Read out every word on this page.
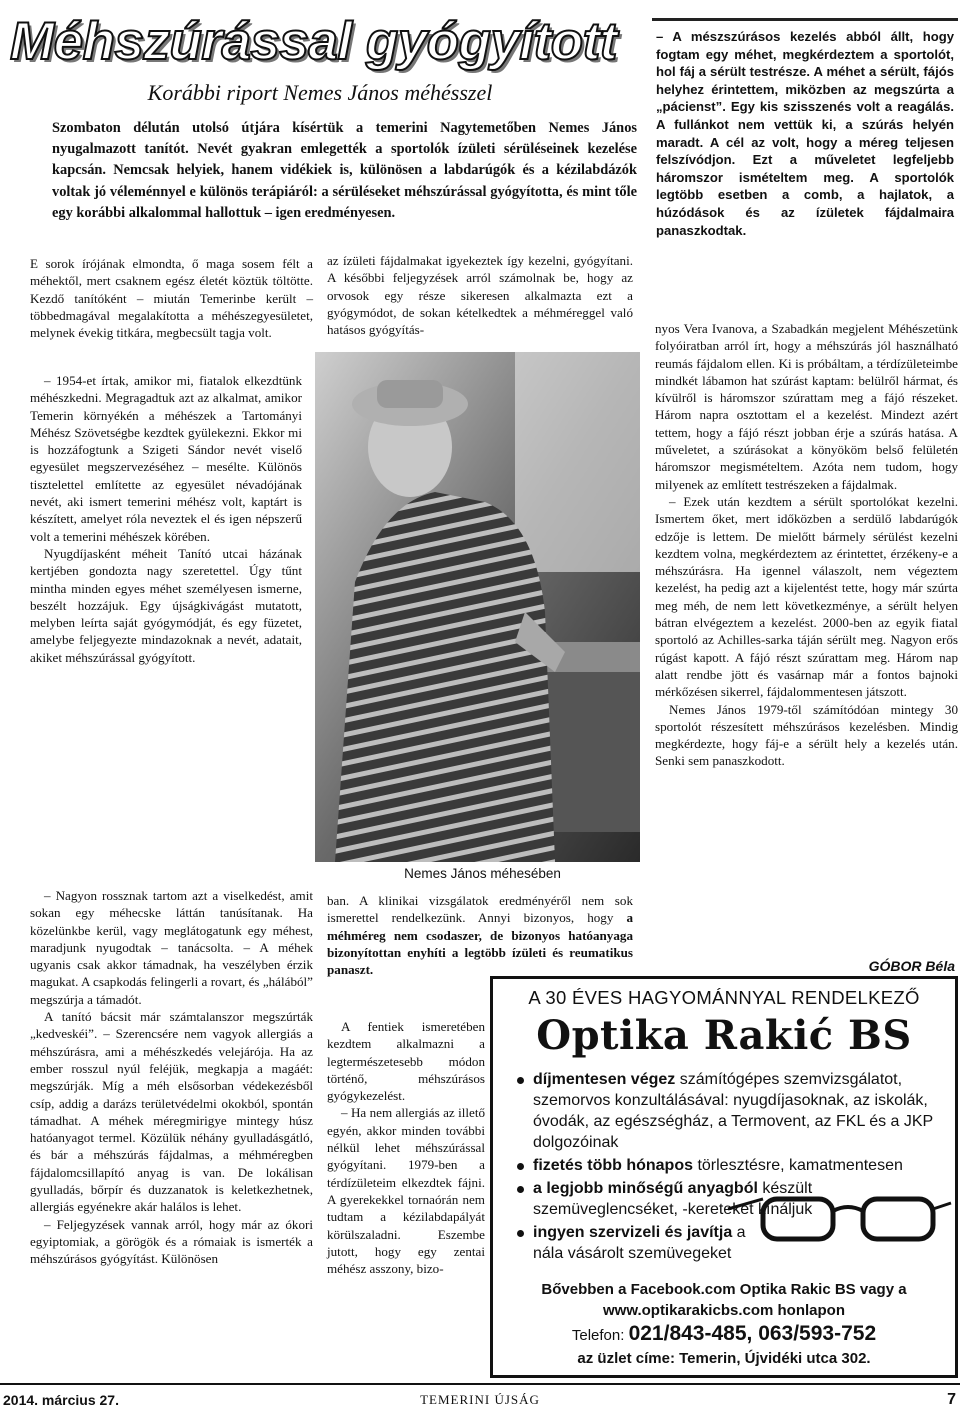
Méhszúrással gyógyított
Korábbi riport Nemes János méhésszel
Szombaton délután utolsó útjára kísértük a temerini Nagytemetőben Nemes János nyugalmazott tanítót. Nevét gyakran emlegették a sportolók ízületi sérüléseinek kezelése kapcsán. Nemcsak helyiek, hanem vidékiek is, különösen a labdarúgók és a kézilabdázók voltak jó véleménnyel e különös terápiáról: a sérüléseket méhszúrással gyógyította, és mint tőle egy korábbi alkalommal hallottuk – igen eredményesen.

E sorok írójának elmondta, ő maga sosem félt a méhektől, mert csaknem egész életét köztük töltötte. Kezdő tanítóként – miután Temerinbe került – többedmagával megalakította a méhészegyesületet, melynek évekig titkára, megbecsült tagja volt.

– 1954-et írtak, amikor mi, fiatalok elkezdtünk méhészkedni. Megragadtuk azt az alkalmat, amikor Temerin környékén a méhészek a Tartományi Méhész Szövetségbe kezdtek gyülekezni. Ekkor mi is hozzáfogtunk a Szigeti Sándor nevét viselő egyesület megszervezéséhez – mesélte. Különös tisztelettel említette az egyesület névadójának nevét, aki ismert temerini méhész volt, kaptárt is készített, amelyet róla neveztek el és igen népszerű volt a temerini méhészek körében.

Nyugdíjasként méheit Tanító utcai házának kertjében gondozta nagy szeretettel. Úgy tűnt mintha minden egyes méhet személyesen ismerne, beszélt hozzájuk. Egy újságkivágást mutatott, melyben leírta saját gyógymódját, és egy füzetet, amelybe feljegyezte mindazoknak a nevét, adatait, akiket méhszúrással gyógyított.

– Nagyon rossznak tartom azt a viselkedést, amit sokan egy méhecske láttán tanúsítanak. Ha közelünkbe kerül, vagy meglátogatunk egy méhest, maradjunk nyugodtak – tanácsolta. – A méhek ugyanis csak akkor támadnak, ha veszélyben érzik magukat. A csapkodás felingerli a rovart, és „hálából” megszúrja a támadót.

A tanító bácsit már számtalanszor megszúrták „kedveskéi”. – Szerencsére nem vagyok allergiás a méhszúrásra, ami a méhészkedés velejárója. Ha az ember rosszul nyúl feléjük, megkapja a magáét: megszúrják. Míg a méh elsősorban védekezésből csíp, addig a darázs területvédelmi okokból, spontán támadhat. A méhek méregmirigye mintegy húsz hatóanyagot termel. Közülük néhány gyulladásgátló, és bár a méhszúrás fájdalmas, a méhméregben fájdalomcsillapító anyag is van. De lokálisan gyulladás, bőrpír és duzzanatok is keletkezhetnek, allergiás egyénekre akár halálos is lehet.

– Feljegyzések vannak arról, hogy már az ókori egyiptomiak, a görögök és a rómaiak is ismerték a méhszúrásos gyógyítást. Különösen

az ízületi fájdalmakat igyekeztek így kezelni, gyógyítani. A későbbi feljegyzések arról számolnak be, hogy az orvosok egy része sikeresen alkalmazta ezt a gyógymódot, de sokan kételkedtek a méhméreggel való hatásos gyógyítás-

Nemes János méhesében

ban. A klinikai vizsgálatok eredményéről nem sok ismerettel rendelkezünk. Annyi bizonyos, hogy a méhméreg nem csodaszer, de bizonyos hatóanyaga bizonyítottan enyhíti a legtöbb ízületi és reumatikus panaszt.

A fentiek ismeretében kezdtem alkalmazni a legtermészetesebb módon történő, méhszúrásos gyógykezelést.

– Ha nem allergiás az illető egyén, akkor minden további nélkül lehet méhszúrással gyógyítani. 1979-ben a térdízületeim elkezdtek fájni. A gyerekekkel tornaórán nem tudtam a kézilabdapályát körülszaladni. Eszembe jutott, hogy egy zentai méhész asszony, bizo-

– A mészszúrásos kezelés abból állt, hogy fogtam egy méhet, megkérdeztem a sportolót, hol fáj a sérült testrésze. A méhet a sérült, fájós helyhez érintettem, miközben az megszúrta a „pácienst”. Egy kis szisszenés volt a reagálás. A fullánkot nem vettük ki, a szúrás helyén maradt. A cél az volt, hogy a méreg teljesen felszívódjon. Ezt a műveletet legfeljebb háromszor ismételtem meg. A sportolók legtöbb esetben a comb, a hajlatok, a húzódások és az ízületek fájdalmaira panaszkodtak.

nyos Vera Ivanova, a Szabadkán megjelent Méhészetünk folyóiratban arról írt, hogy a méhszúrás jól használható reumás fájdalom ellen. Ki is próbáltam, a térdízületeimbe mindkét lábamon hat szúrást kaptam: belülről hármat, és kívülről is háromszor szúrattam meg a fájó részeket. Három napra osztottam el a kezelést. Mindezt azért tettem, hogy a fájó részt jobban érje a szúrás hatása. A műveletet, a szúrásokat a könyököm belső felületén háromszor megismételtem. Azóta nem tudom, hogy milyenek az említett testrészeken a fájdalmak.

– Ezek után kezdtem a sérült sportolókat kezelni. Ismertem őket, mert időközben a serdülő labdarúgók edzője is lettem. De mielőtt bármely sérülést kezelni kezdtem volna, megkérdeztem az érintettet, érzékeny-e a méhszúrásra. Ha igennel válaszolt, nem végeztem kezelést, ha pedig azt a kijelentést tette, hogy már szúrta meg méh, de nem lett következménye, a sérült helyen bátran elvégeztem a kezelést. 2000-ben az egyik fiatal sportoló az Achilles-sarka táján sérült meg. Nagyon erős rúgást kapott. A fájó részt szúrattam meg. Három nap alatt rendbe jött és vasárnap már a fontos bajnoki mérkőzésen sikerrel, fájdalommentesen játszott.

Nemes János 1979-től számítódóan mintegy 30 sportolót részesített méhszúrásos kezelésben. Mindig megkérdezte, hogy fáj-e a sérült hely a kezelés után. Senki sem panaszkodott.

GÓBOR Béla
A 30 ÉVES HAGYOMÁNNYAL RENDELKEZŐ
Optika Rakić BS
díjmentesen végez számítógépes szemvizsgálatot, szemorvos konzultálásával: nyugdíjasoknak, az iskolák, óvodák, az egészségház, a Termovent, az FKL és a JKP dolgozóinak
fizetés több hónapos törlesztésre, kamatmentesen
a legjobb minőségű anyagból készült szemüveglencséket, -kereteket kínáljuk
ingyen szervizeli és javítja a nála vásárolt szemüvegeket
Bővebben a Facebook.com Optika Rakic BS vagy a
www.optikarakicbs.com honlapon
Telefon: 021/843-485, 063/593-752
az üzlet címe: Temerin, Újvidéki utca 302.
TEMERINI ÚJSÁG
2014. március 27.	7
